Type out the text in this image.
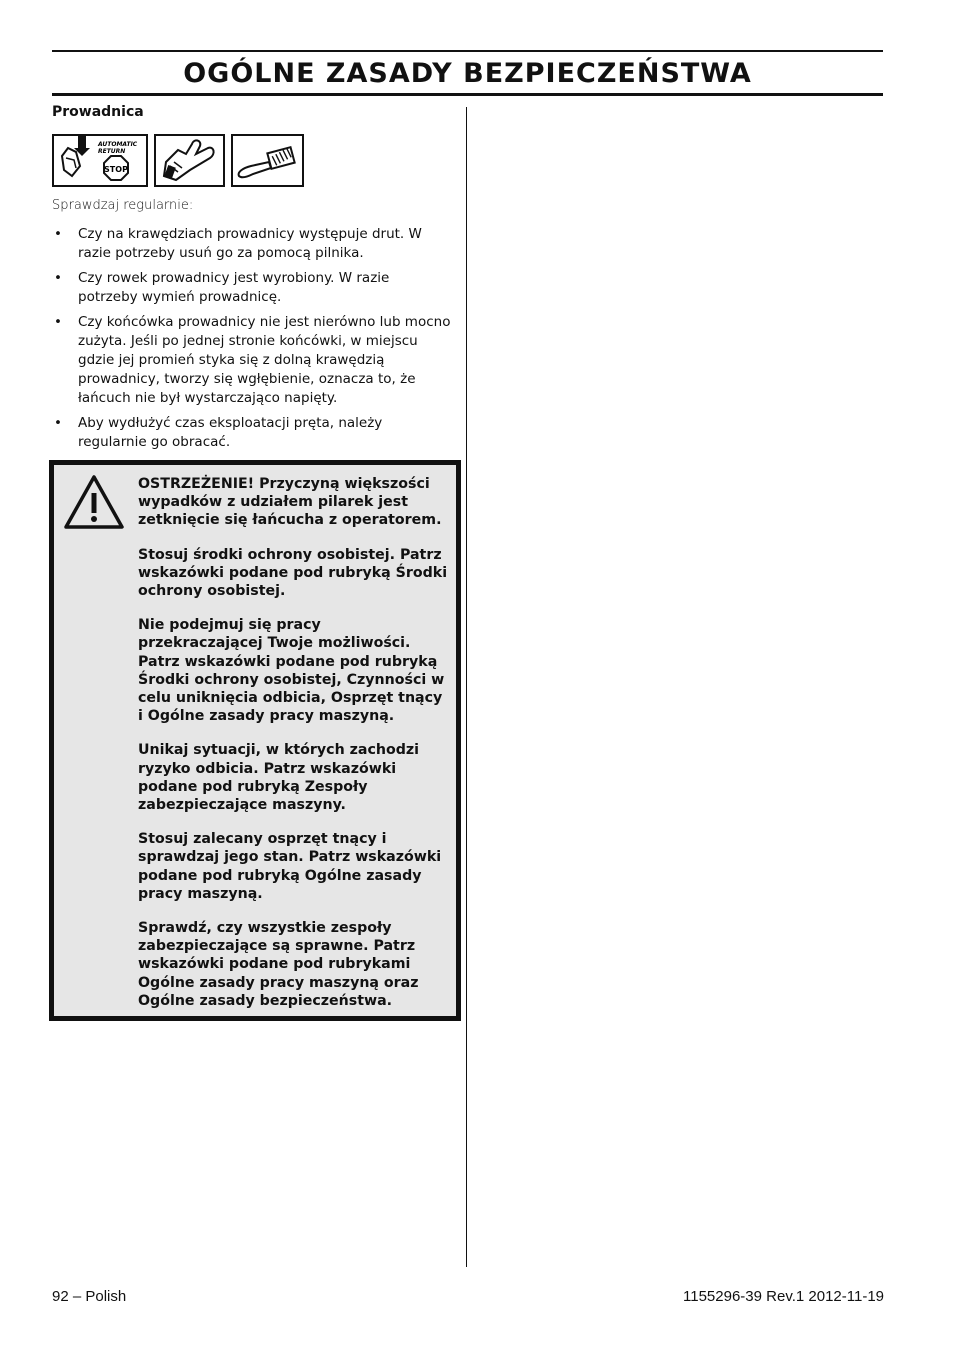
OGÓLNE ZASADY BEZPIECZEŃSTWA
Prowadnica
AUTOMATIC
RETURN
STOP

Sprawdzaj regularnie:

• Czy na krawędziach prowadnicy występuje drut. W razie potrzeby usuń go za pomocą pilnika.
• Czy rowek prowadnicy jest wyrobiony. W razie potrzeby wymień prowadnicę.
• Czy końcówka prowadnicy nie jest nierówno lub mocno zużyta. Jeśli po jednej stronie końcówki, w miejscu gdzie jej promień styka się z dolną krawędzią prowadnicy, tworzy się wgłębienie, oznacza to, że łańcuch nie był wystarczająco napięty.
• Aby wydłużyć czas eksploatacji pręta, należy regularnie go obracać.

OSTRZEŻENIE! Przyczyną większości wypadków z udziałem pilarek jest zetknięcie się łańcucha z operatorem.

Stosuj środki ochrony osobistej. Patrz wskazówki podane pod rubryką Środki ochrony osobistej.

Nie podejmuj się pracy przekraczającej Twoje możliwości. Patrz wskazówki podane pod rubryką Środki ochrony osobistej, Czynności w celu uniknięcia odbicia, Osprzęt tnący i Ogólne zasady pracy maszyną.

Unikaj sytuacji, w których zachodzi ryzyko odbicia. Patrz wskazówki podane pod rubryką Zespoły zabezpieczające maszyny.

Stosuj zalecany osprzęt tnący i sprawdzaj jego stan. Patrz wskazówki podane pod rubryką Ogólne zasady pracy maszyną.

Sprawdź, czy wszystkie zespoły zabezpieczające są sprawne. Patrz wskazówki podane pod rubrykami Ogólne zasady pracy maszyną oraz Ogólne zasady bezpieczeństwa.

92 – Polish	1155296-39 Rev.1 2012-11-19
